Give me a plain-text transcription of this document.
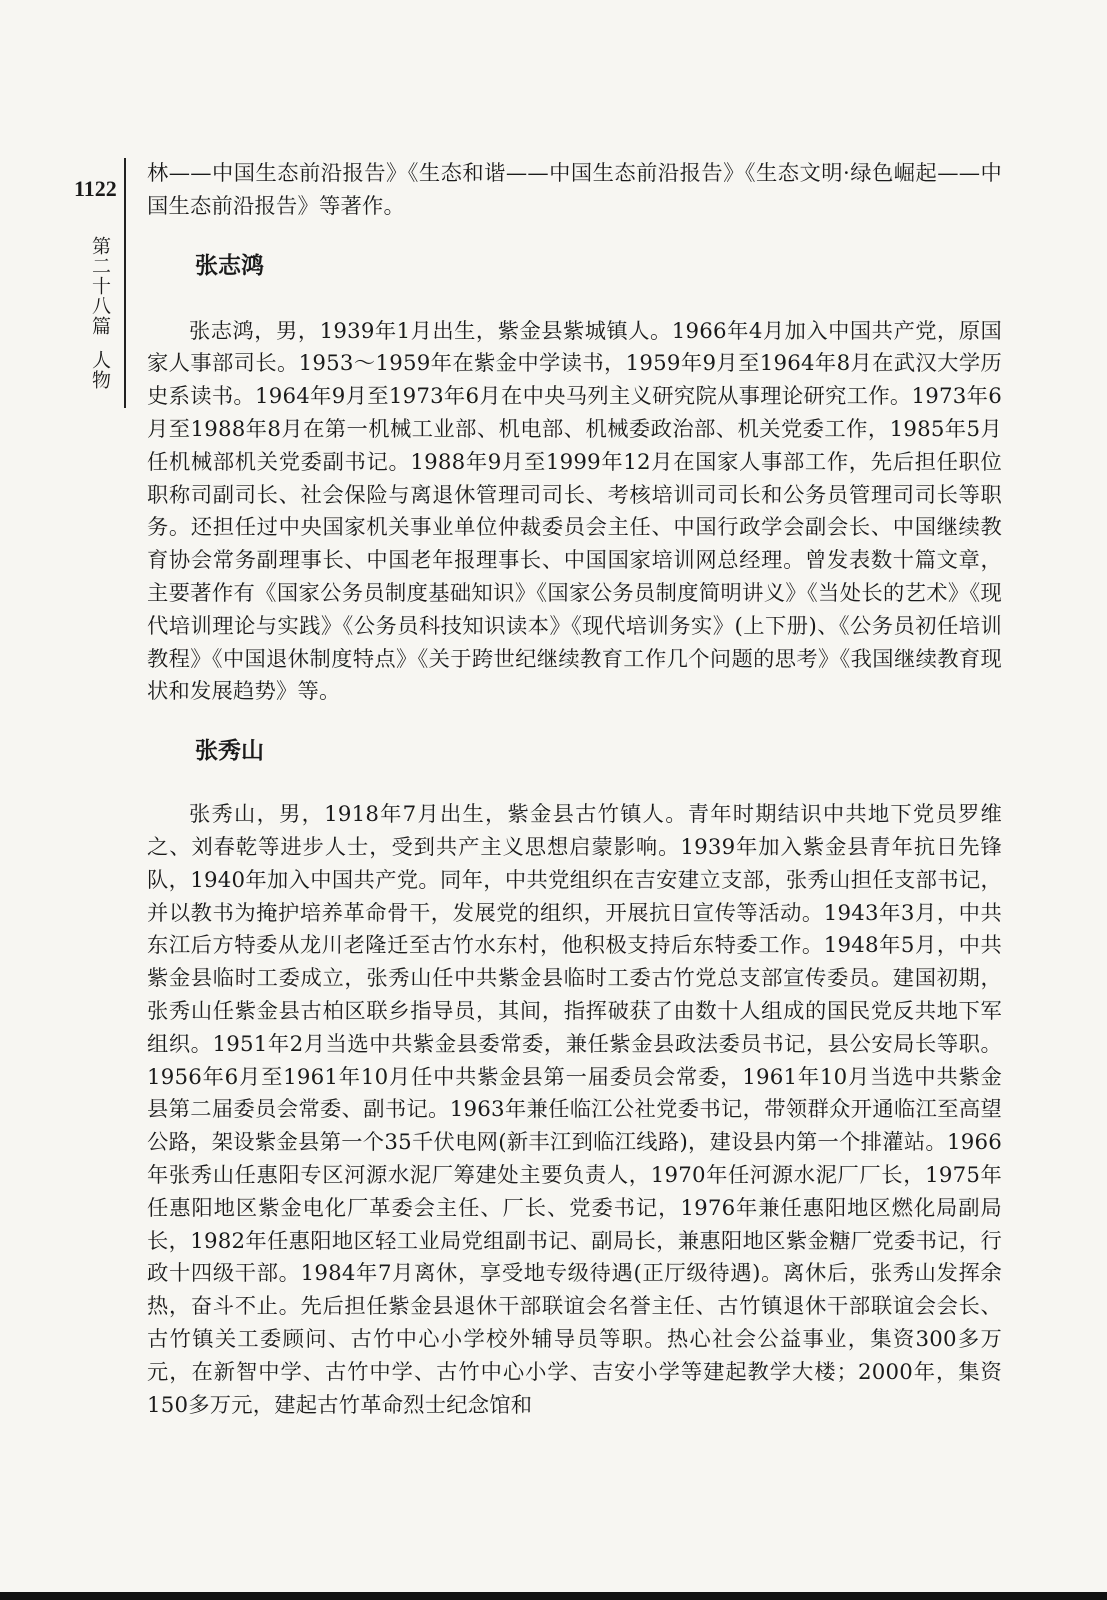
1122
第二十八篇人物

林——中国生态前沿报告》《生态和谐——中国生态前沿报告》《生态文明·绿色崛起——中国生态前沿报告》等著作。

张志鸿

张志鸿，男，1939年1月出生，紫金县紫城镇人。1966年4月加入中国共产党，原国家人事部司长。1953～1959年在紫金中学读书，1959年9月至1964年8月在武汉大学历史系读书。1964年9月至1973年6月在中央马列主义研究院从事理论研究工作。1973年6月至1988年8月在第一机械工业部、机电部、机械委政治部、机关党委工作，1985年5月任机械部机关党委副书记。1988年9月至1999年12月在国家人事部工作，先后担任职位职称司副司长、社会保险与离退休管理司司长、考核培训司司长和公务员管理司司长等职务。还担任过中央国家机关事业单位仲裁委员会主任、中国行政学会副会长、中国继续教育协会常务副理事长、中国老年报理事长、中国国家培训网总经理。曾发表数十篇文章，主要著作有《国家公务员制度基础知识》《国家公务员制度简明讲义》《当处长的艺术》《现代培训理论与实践》《公务员科技知识读本》《现代培训务实》(上下册)、《公务员初任培训教程》《中国退休制度特点》《关于跨世纪继续教育工作几个问题的思考》《我国继续教育现状和发展趋势》等。

张秀山

张秀山，男，1918年7月出生，紫金县古竹镇人。青年时期结识中共地下党员罗维之、刘春乾等进步人士，受到共产主义思想启蒙影响。1939年加入紫金县青年抗日先锋队，1940年加入中国共产党。同年，中共党组织在吉安建立支部，张秀山担任支部书记，并以教书为掩护培养革命骨干，发展党的组织，开展抗日宣传等活动。1943年3月，中共东江后方特委从龙川老隆迁至古竹水东村，他积极支持后东特委工作。1948年5月，中共紫金县临时工委成立，张秀山任中共紫金县临时工委古竹党总支部宣传委员。建国初期，张秀山任紫金县古柏区联乡指导员，其间，指挥破获了由数十人组成的国民党反共地下军组织。1951年2月当选中共紫金县委常委，兼任紫金县政法委员书记，县公安局长等职。1956年6月至1961年10月任中共紫金县第一届委员会常委，1961年10月当选中共紫金县第二届委员会常委、副书记。1963年兼任临江公社党委书记，带领群众开通临江至高望公路，架设紫金县第一个35千伏电网(新丰江到临江线路)，建设县内第一个排灌站。1966年张秀山任惠阳专区河源水泥厂筹建处主要负责人，1970年任河源水泥厂厂长，1975年任惠阳地区紫金电化厂革委会主任、厂长、党委书记，1976年兼任惠阳地区燃化局副局长，1982年任惠阳地区轻工业局党组副书记、副局长，兼惠阳地区紫金糖厂党委书记，行政十四级干部。1984年7月离休，享受地专级待遇(正厅级待遇)。离休后，张秀山发挥余热，奋斗不止。先后担任紫金县退休干部联谊会名誉主任、古竹镇退休干部联谊会会长、古竹镇关工委顾问、古竹中心小学校外辅导员等职。热心社会公益事业，集资300多万元，在新智中学、古竹中学、古竹中心小学、吉安小学等建起教学大楼；2000年，集资150多万元，建起古竹革命烈士纪念馆和
